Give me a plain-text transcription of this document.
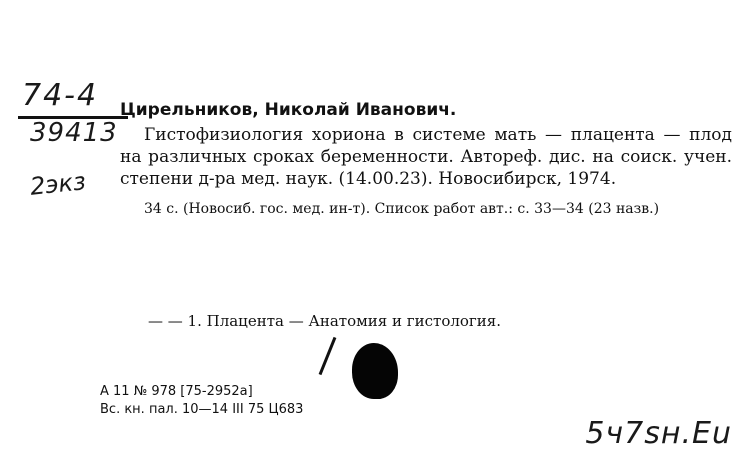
74-4
39413
2экз

Цирельников, Николай Иванович.

Гистофизиология хориона в системе мать — плацента — плод на различных сроках беременности. Автореф. дис. на соиск. учен. степени д-ра мед. наук. (14.00.23). Новосибирск, 1974.

34 с. (Новосиб. гос. мед. ин-т). Список работ авт.: с. 33—34 (23 назв.)

— — 1. Плацента — Анатомия и гистология.
А 11 № 978 [75-2952а]
Вс. кн. пал. 10—14 III 75 Ц683
5ч7sн.Eu
